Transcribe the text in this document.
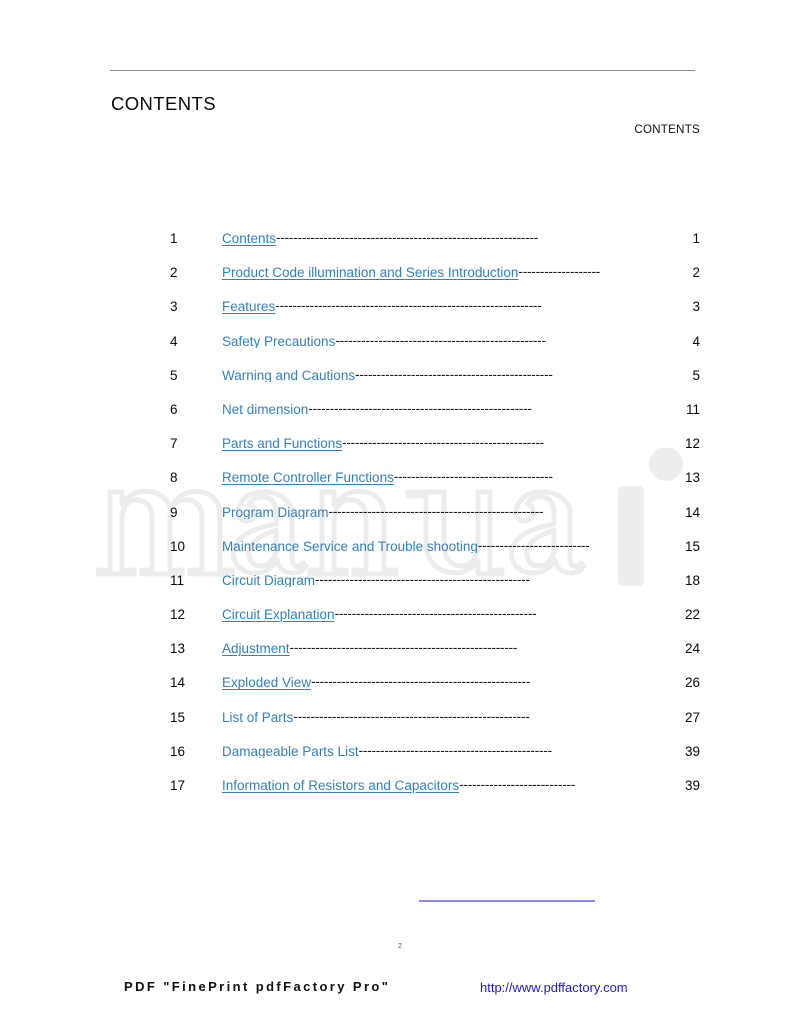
CONTENTS
CONTENTS
1	Contents -------------------------------------------------------------	1
2	Product Code illumination and Series Introduction -------------------	2
3	Features --------------------------------------------------------------	3
4	Safety Precautions -------------------------------------------------	4
5	Warning and Cautions ----------------------------------------------	5
6	Net dimension ----------------------------------------------------	11
7	Parts and Functions -----------------------------------------------	12
8	Remote Controller Functions -------------------------------------	13
9	Program Diagram --------------------------------------------------	14
10	Maintenance Service and Trouble shooting --------------------------	15
11	Circuit Diagram --------------------------------------------------	18
12	Circuit Explanation -----------------------------------------------	22
13	Adjustment -----------------------------------------------------	24
14	Exploded View ---------------------------------------------------	26
15	List of Parts -------------------------------------------------------	27
16	Damageable Parts List ---------------------------------------------	39
17	Information of Resistors and Capacitors ---------------------------	39
2
PDF "FinePrint pdfFactory Pro"	http://www.pdffactory.com
